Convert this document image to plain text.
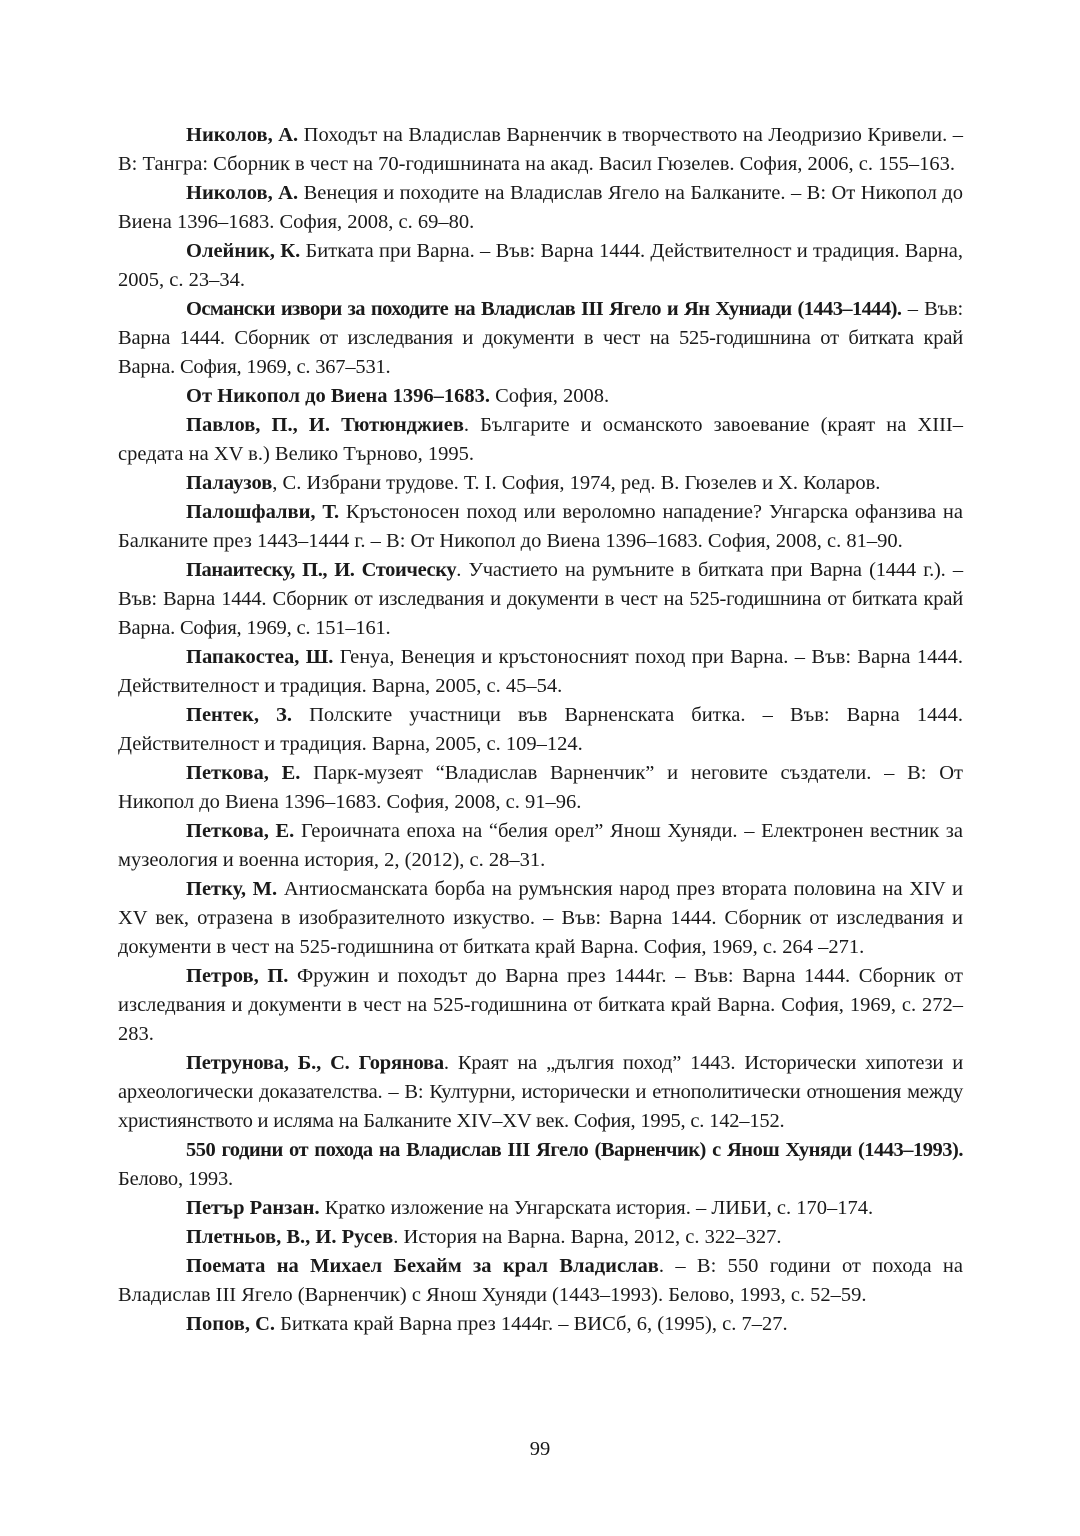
Николов, А. Походът на Владислав Варненчик в творчеството на Леодризио Кривели. – В: Тангра: Сборник в чест на 70-годишнината на акад. Васил Гюзелев. София, 2006, с. 155–163.

Николов, А. Венеция и походите на Владислав Ягело на Балканите. – В: От Никопол до Виена 1396–1683. София, 2008, с. 69–80.

Олейник, К. Битката при Варна. – Във: Варна 1444. Действителност и традиция. Варна, 2005, с. 23–34.

Османски извори за походите на Владислав III Ягело и Ян Хуниади (1443–1444). – Във: Варна 1444. Сборник от изследвания и документи в чест на 525-годишнина от битката край Варна. София, 1969, с. 367–531.

От Никопол до Виена 1396–1683. София, 2008.

Павлов, П., И. Тютюнджиев. Българите и османското завоевание (краят на XIII–средата на XV в.) Велико Търново, 1995.

Палаузов, С. Избрани трудове. Т. I. София, 1974, ред. В. Гюзелев и Х. Коларов.

Палошфалви, Т. Кръстоносен поход или вероломно нападение? Унгарска офанзива на Балканите през 1443–1444 г. – В: От Никопол до Виена 1396–1683. София, 2008, с. 81–90.

Панаитеску, П., И. Стоическу. Участието на румъните в битката при Варна (1444 г.). – Във: Варна 1444. Сборник от изследвания и документи в чест на 525-годишнина от битката край Варна. София, 1969, с. 151–161.

Папакостеа, Ш. Генуа, Венеция и кръстоносният поход при Варна. – Във: Варна 1444. Действителност и традиция. Варна, 2005, с. 45–54.

Пентек, З. Полските участници във Варненската битка. – Във: Варна 1444. Действителност и традиция. Варна, 2005, с. 109–124.

Петкова, Е. Парк-музеят “Владислав Варненчик” и неговите създатели. – В: От Никопол до Виена 1396–1683. София, 2008, с. 91–96.

Петкова, Е. Героичната епоха на “белия орел” Янош Хуняди. – Електронен вестник за музеология и военна история, 2, (2012), с. 28–31.

Петку, М. Антиосманската борба на румънския народ през втората половина на XIV и XV век, отразена в изобразителното изкуство. – Във: Варна 1444. Сборник от изследвания и документи в чест на 525-годишнина от битката край Варна. София, 1969, с. 264 –271.

Петров, П. Фружин и походът до Варна през 1444г. – Във: Варна 1444. Сборник от изследвания и документи в чест на 525-годишнина от битката край Варна. София, 1969, с. 272–283.

Петрунова, Б., С. Горянова. Краят на „дългия поход” 1443. Исторически хипотези и археологически доказателства. – В: Културни, исторически и етнополитически отношения между християнството и исляма на Балканите XIV–XV век. София, 1995, с. 142–152.

550 години от похода на Владислав III Ягело (Варненчик) с Янош Хуняди (1443–1993). Белово, 1993.

Петър Ранзан. Кратко изложение на Унгарската история. – ЛИБИ, с. 170–174.

Плетньов, В., И. Русев. История на Варна. Варна, 2012, с. 322–327.

Поемата на Михаел Бехайм за крал Владислав. – В: 550 години от похода на Владислав III Ягело (Варненчик) с Янош Хуняди (1443–1993). Белово, 1993, с. 52–59.

Попов, С. Битката край Варна през 1444г. – ВИСб, 6, (1995), с. 7–27.

99
